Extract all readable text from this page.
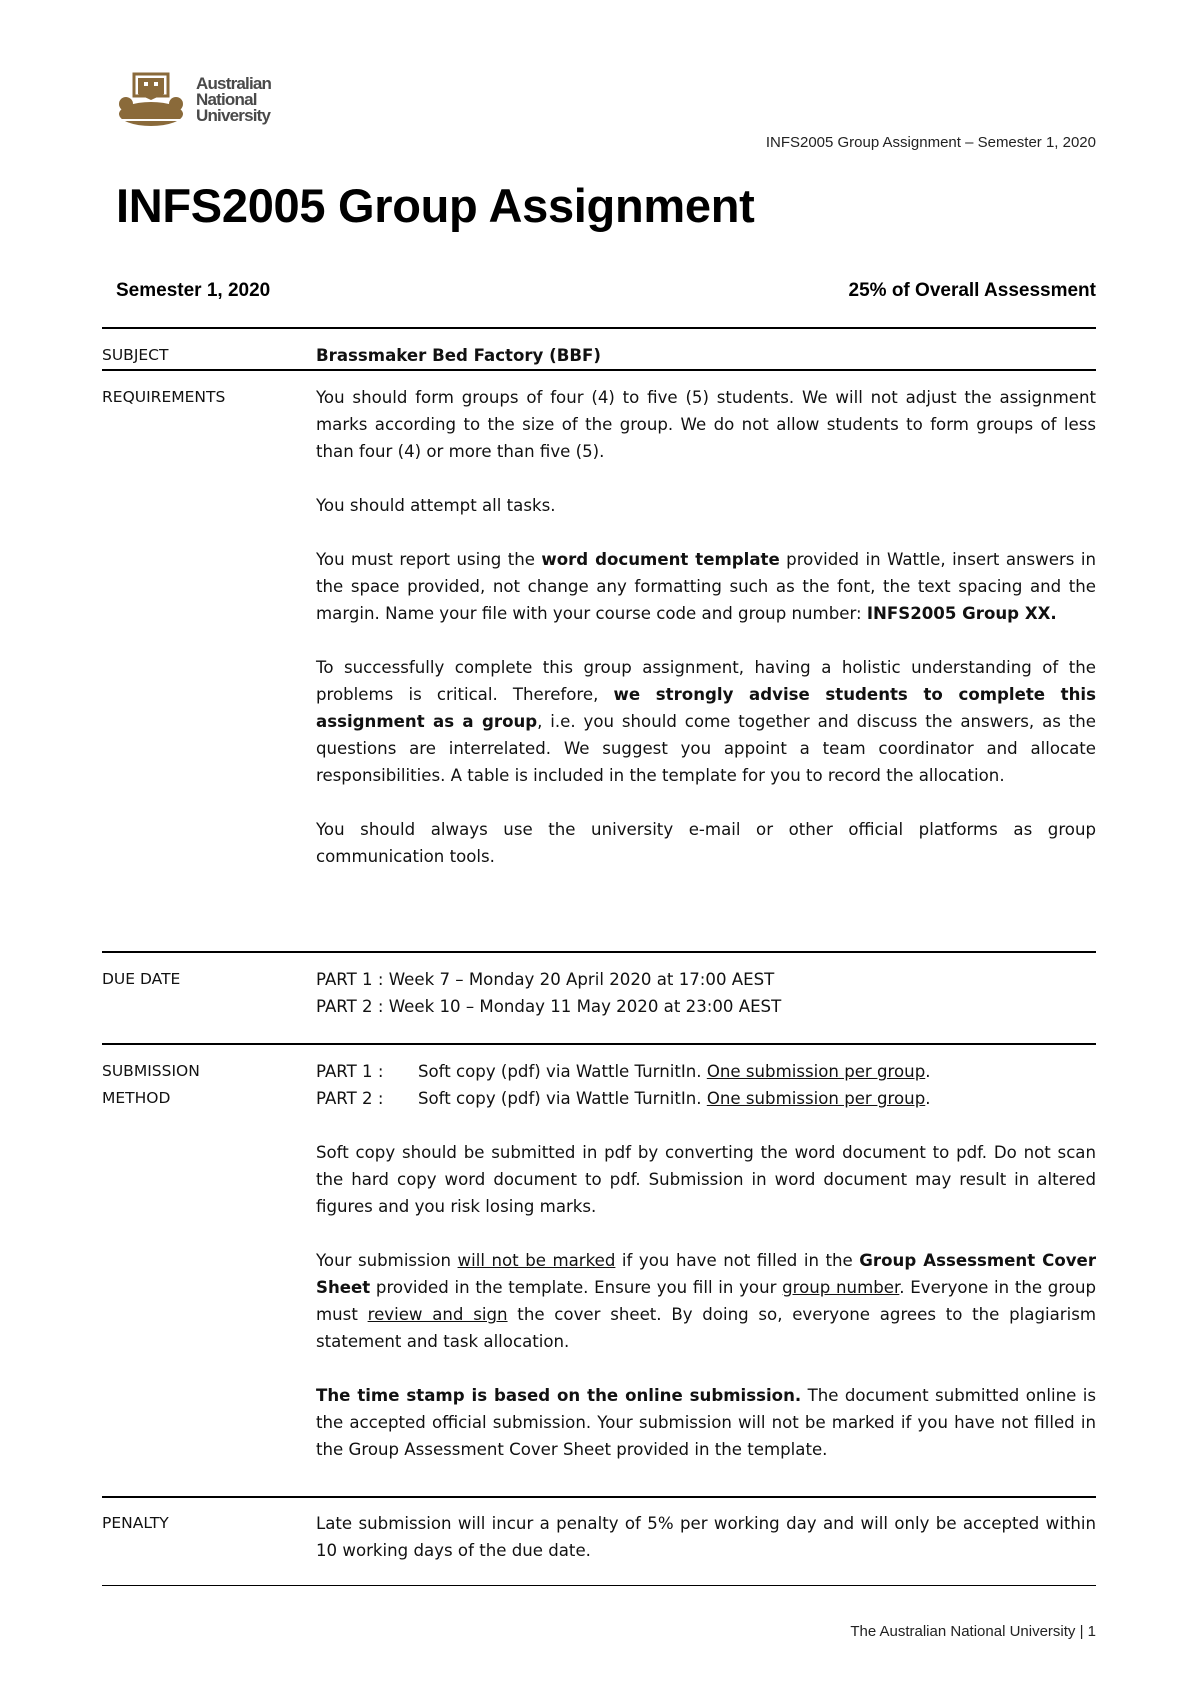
Australian
National
University
INFS2005 Group Assignment – Semester 1, 2020
INFS2005 Group Assignment
Semester 1, 2020	25% of Overall Assessment
SUBJECT	Brassmaker Bed Factory (BBF)
REQUIREMENTS	You should form groups of four (4) to five (5) students. We will not adjust the assignment marks according to the size of the group. We do not allow students to form groups of less than four (4) or more than five (5).

You should attempt all tasks.

You must report using the word document template provided in Wattle, insert answers in the space provided, not change any formatting such as the font, the text spacing and the margin. Name your file with your course code and group number: INFS2005 Group XX.

To successfully complete this group assignment, having a holistic understanding of the problems is critical. Therefore, we strongly advise students to complete this assignment as a group, i.e. you should come together and discuss the answers, as the questions are interrelated. We suggest you appoint a team coordinator and allocate responsibilities. A table is included in the template for you to record the allocation.

You should always use the university e-mail or other official platforms as group communication tools.

DUE DATE	PART 1 : Week 7 – Monday 20 April 2020 at 17:00 AEST
PART 2 : Week 10 – Monday 11 May 2020 at 23:00 AEST
SUBMISSION
METHOD
PART 1 :	Soft copy (pdf) via Wattle TurnitIn. One submission per group.
PART 2 :	Soft copy (pdf) via Wattle TurnitIn. One submission per group.

Soft copy should be submitted in pdf by converting the word document to pdf. Do not scan the hard copy word document to pdf. Submission in word document may result in altered figures and you risk losing marks.

Your submission will not be marked if you have not filled in the Group Assessment Cover Sheet provided in the template. Ensure you fill in your group number. Everyone in the group must review and sign the cover sheet. By doing so, everyone agrees to the plagiarism statement and task allocation.

The time stamp is based on the online submission. The document submitted online is the accepted official submission. Your submission will not be marked if you have not filled in the Group Assessment Cover Sheet provided in the template.

PENALTY	Late submission will incur a penalty of 5% per working day and will only be accepted within 10 working days of the due date.
The Australian National University | 1
